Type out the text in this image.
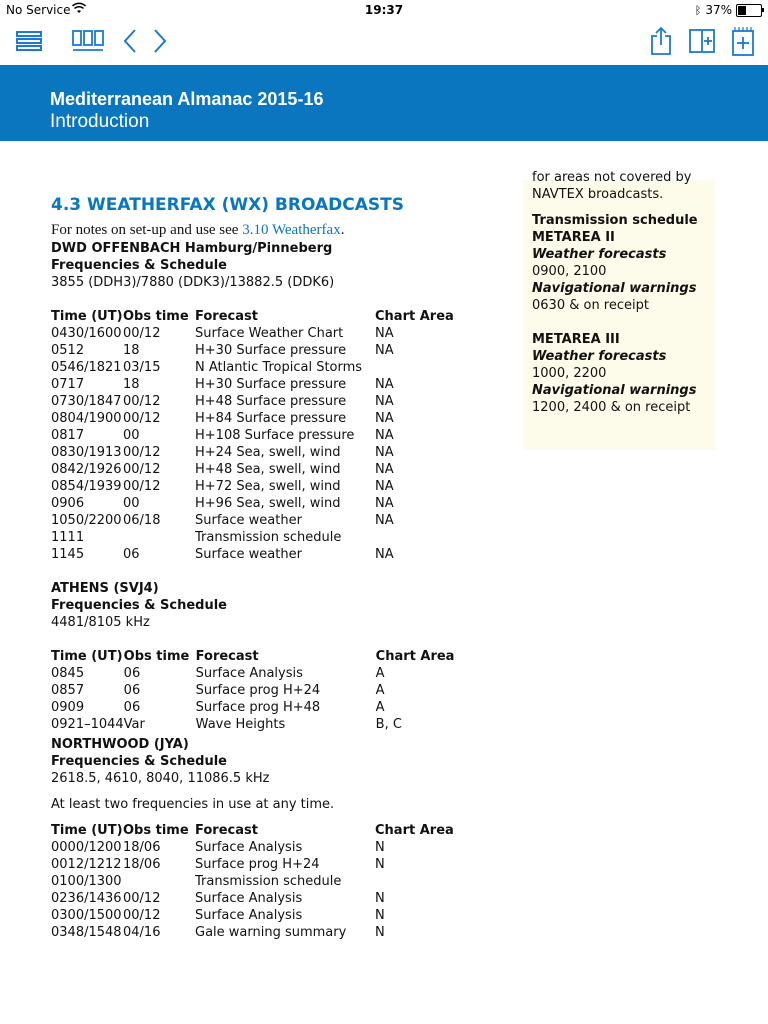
No Service	19:37	ᛒ 37%
Mediterranean Almanac 2015-16
Introduction
for areas not covered by
NAVTEX broadcasts.
Transmission schedule
METAREA II
Weather forecasts
0900, 2100
Navigational warnings
0630 & on receipt
METAREA III
Weather forecasts
1000, 2200
Navigational warnings
1200, 2400 & on receipt
4.3 WEATHERFAX (WX) BROADCASTS
For notes on set-up and use see 3.10 Weatherfax.
DWD OFFENBACH Hamburg/Pinneberg
Frequencies & Schedule
3855 (DDH3)/7880 (DDK3)/13882.5 (DDK6)
Time (UT)	Obs time	Forecast	Chart Area
0430/1600	00/12	Surface Weather Chart	NA
0512	18	H+30 Surface pressure	NA
0546/1821	03/15	N Atlantic Tropical Storms	
0717	18	H+30 Surface pressure	NA
0730/1847	00/12	H+48 Surface pressure	NA
0804/1900	00/12	H+84 Surface pressure	NA
0817	00	H+108 Surface pressure	NA
0830/1913	00/12	H+24 Sea, swell, wind	NA
0842/1926	00/12	H+48 Sea, swell, wind	NA
0854/1939	00/12	H+72 Sea, swell, wind	NA
0906	00	H+96 Sea, swell, wind	NA
1050/2200	06/18	Surface weather	NA
1111		Transmission schedule	
1145	06	Surface weather	NA
ATHENS (SVJ4)
Frequencies & Schedule
4481/8105 kHz
Time (UT)	Obs time	Forecast	Chart Area
0845	06	Surface Analysis	A
0857	06	Surface prog H+24	A
0909	06	Surface prog H+48	A
0921–1044	Var	Wave Heights	B, C
NORTHWOOD (JYA)
Frequencies & Schedule
2618.5, 4610, 8040, 11086.5 kHz
At least two frequencies in use at any time.
Time (UT)	Obs time	Forecast	Chart Area
0000/1200	18/06	Surface Analysis	N
0012/1212	18/06	Surface prog H+24	N
0100/1300		Transmission schedule	
0236/1436	00/12	Surface Analysis	N
0300/1500	00/12	Surface Analysis	N
0348/1548	04/16	Gale warning summary	N
